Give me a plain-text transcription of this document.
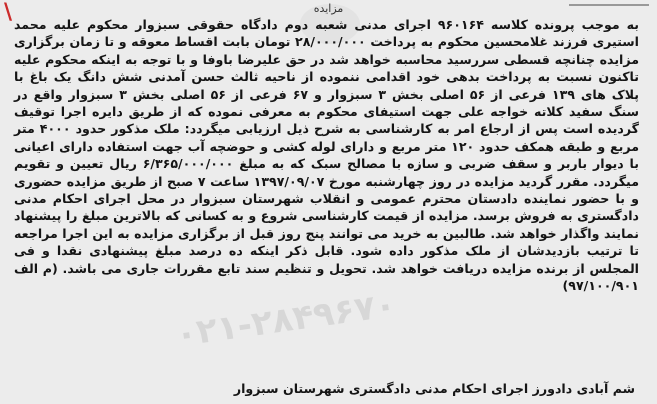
\	مزایده

به موجب پرونده کلاسه ۹۶۰۱۶۴ اجرای مدنی شعبه دوم دادگاه حقوقی سبزوار محکوم علیه محمد استیری فرزند غلامحسین محکوم به پرداخت ۲۸/۰۰۰/۰۰۰ تومان بابت اقساط معوقه و تا زمان برگزاری مزایده چنانچه قسطی سررسید محاسبه خواهد شد در حق علیرضا باوفا و با توجه به اینکه محکوم علیه تاکنون نسبت به پرداخت بدهی خود اقدامی ننموده از ناحیه ثالث حسن آمدنی شش دانگ یک باغ با پلاک های ۱۳۹ فرعی از ۵۶ اصلی بخش ۳ سبزوار و ۶۷ فرعی از ۵۶ اصلی بخش ۳ سبزوار واقع در سنگ سفید کلاته خواجه علی جهت استیفای محکوم به معرفی نموده که از طریق دایره اجرا توقیف گردیده است پس از ارجاع امر به کارشناسی به شرح ذیل ارزیابی میگردد: ملک مذکور حدود ۴۰۰۰ متر مربع و طبقه همکف حدود ۱۲۰ متر مربع و دارای لوله کشی و حوضچه آب جهت استفاده دارای اعیانی با دیوار باربر و سقف ضربی و سازه با مصالح سبک که به مبلغ ۶/۳۶۵/۰۰۰/۰۰۰ ریال تعیین و تقویم میگردد. مقرر گردید مزایده در روز چهارشنبه مورخ ۱۳۹۷/۰۹/۰۷ ساعت ۷ صبح از طریق مزایده حضوری و با حضور نماینده دادستان محترم عمومی و انقلاب شهرستان سبزوار در محل اجرای احکام مدنی دادگستری به فروش برسد. مزایده از قیمت کارشناسی شروع و به کسانی که بالاترین مبلغ را پیشنهاد نمایند واگذار خواهد شد. طالبین به خرید می توانند پنج روز قبل از برگزاری مزایده به این اجرا مراجعه تا ترتیب بازدیدشان از ملک مذکور داده شود. قابل ذکر اینکه ده درصد مبلغ پیشنهادی نقدا و فی المجلس از برنده مزایده دریافت خواهد شد. تحویل و تنظیم سند تابع مقررات جاری می باشد. (م الف ۹۷/۱۰۰/۹۰۱)

۰۲۱-۲۸۴۹۶۷۰
شم آبادی دادورز اجرای احکام مدنی دادگستری شهرستان سبزوار
